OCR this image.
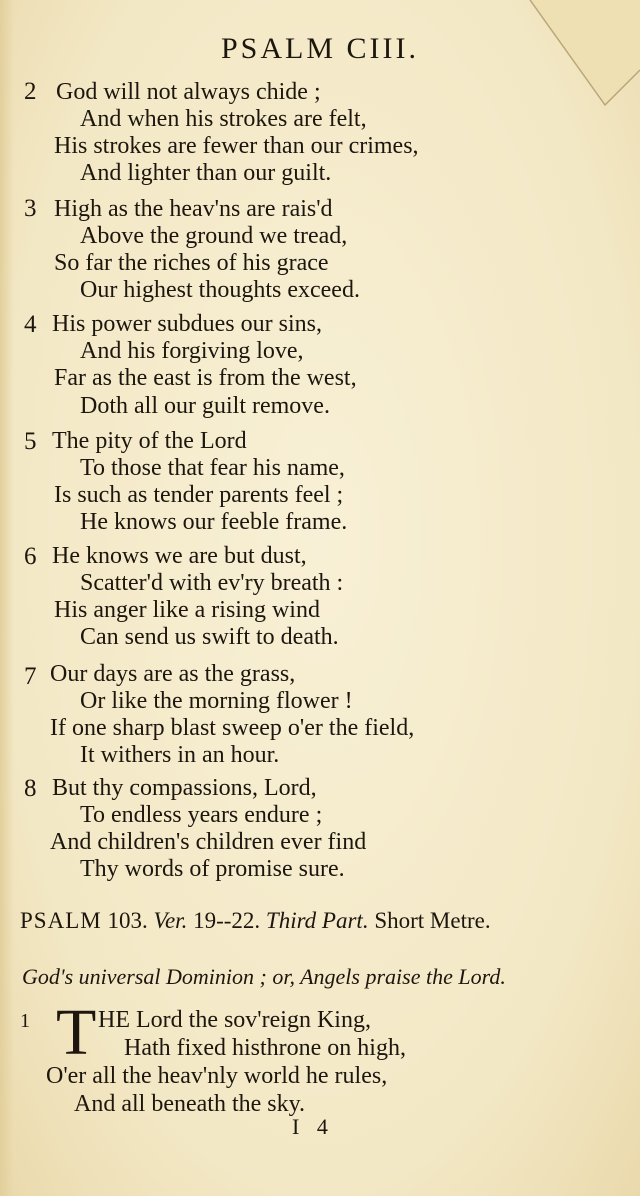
PSALM CIII.
2 God will not always chide ;
And when his strokes are felt,
His strokes are fewer than our crimes,
And lighter than our guilt.
3 High as the heav'ns are rais'd
Above the ground we tread,
So far the riches of his grace
Our highest thoughts exceed.
4 His power subdues our sins,
And his forgiving love,
Far as the east is from the west,
Doth all our guilt remove.
5 The pity of the Lord
To those that fear his name,
Is such as tender parents feel ;
He knows our feeble frame.
6 He knows we are but dust,
Scatter'd with ev'ry breath :
His anger like a rising wind
Can send us swift to death.
7 Our days are as the grass,
Or like the morning flower !
If one sharp blast sweep o'er the field,
It withers in an hour.
8 But thy compassions, Lord,
To endless years endure ;
And children's children ever find
Thy words of promise sure.
PSALM 103. Ver. 19--22. Third Part. Short Metre.
God's universal Dominion ; or, Angels praise the Lord.
1 T HE Lord the sov'reign King,
Hath fixed histhrone on high,
O'er all the heav'nly world he rules,
And all beneath the sky.
I 4
